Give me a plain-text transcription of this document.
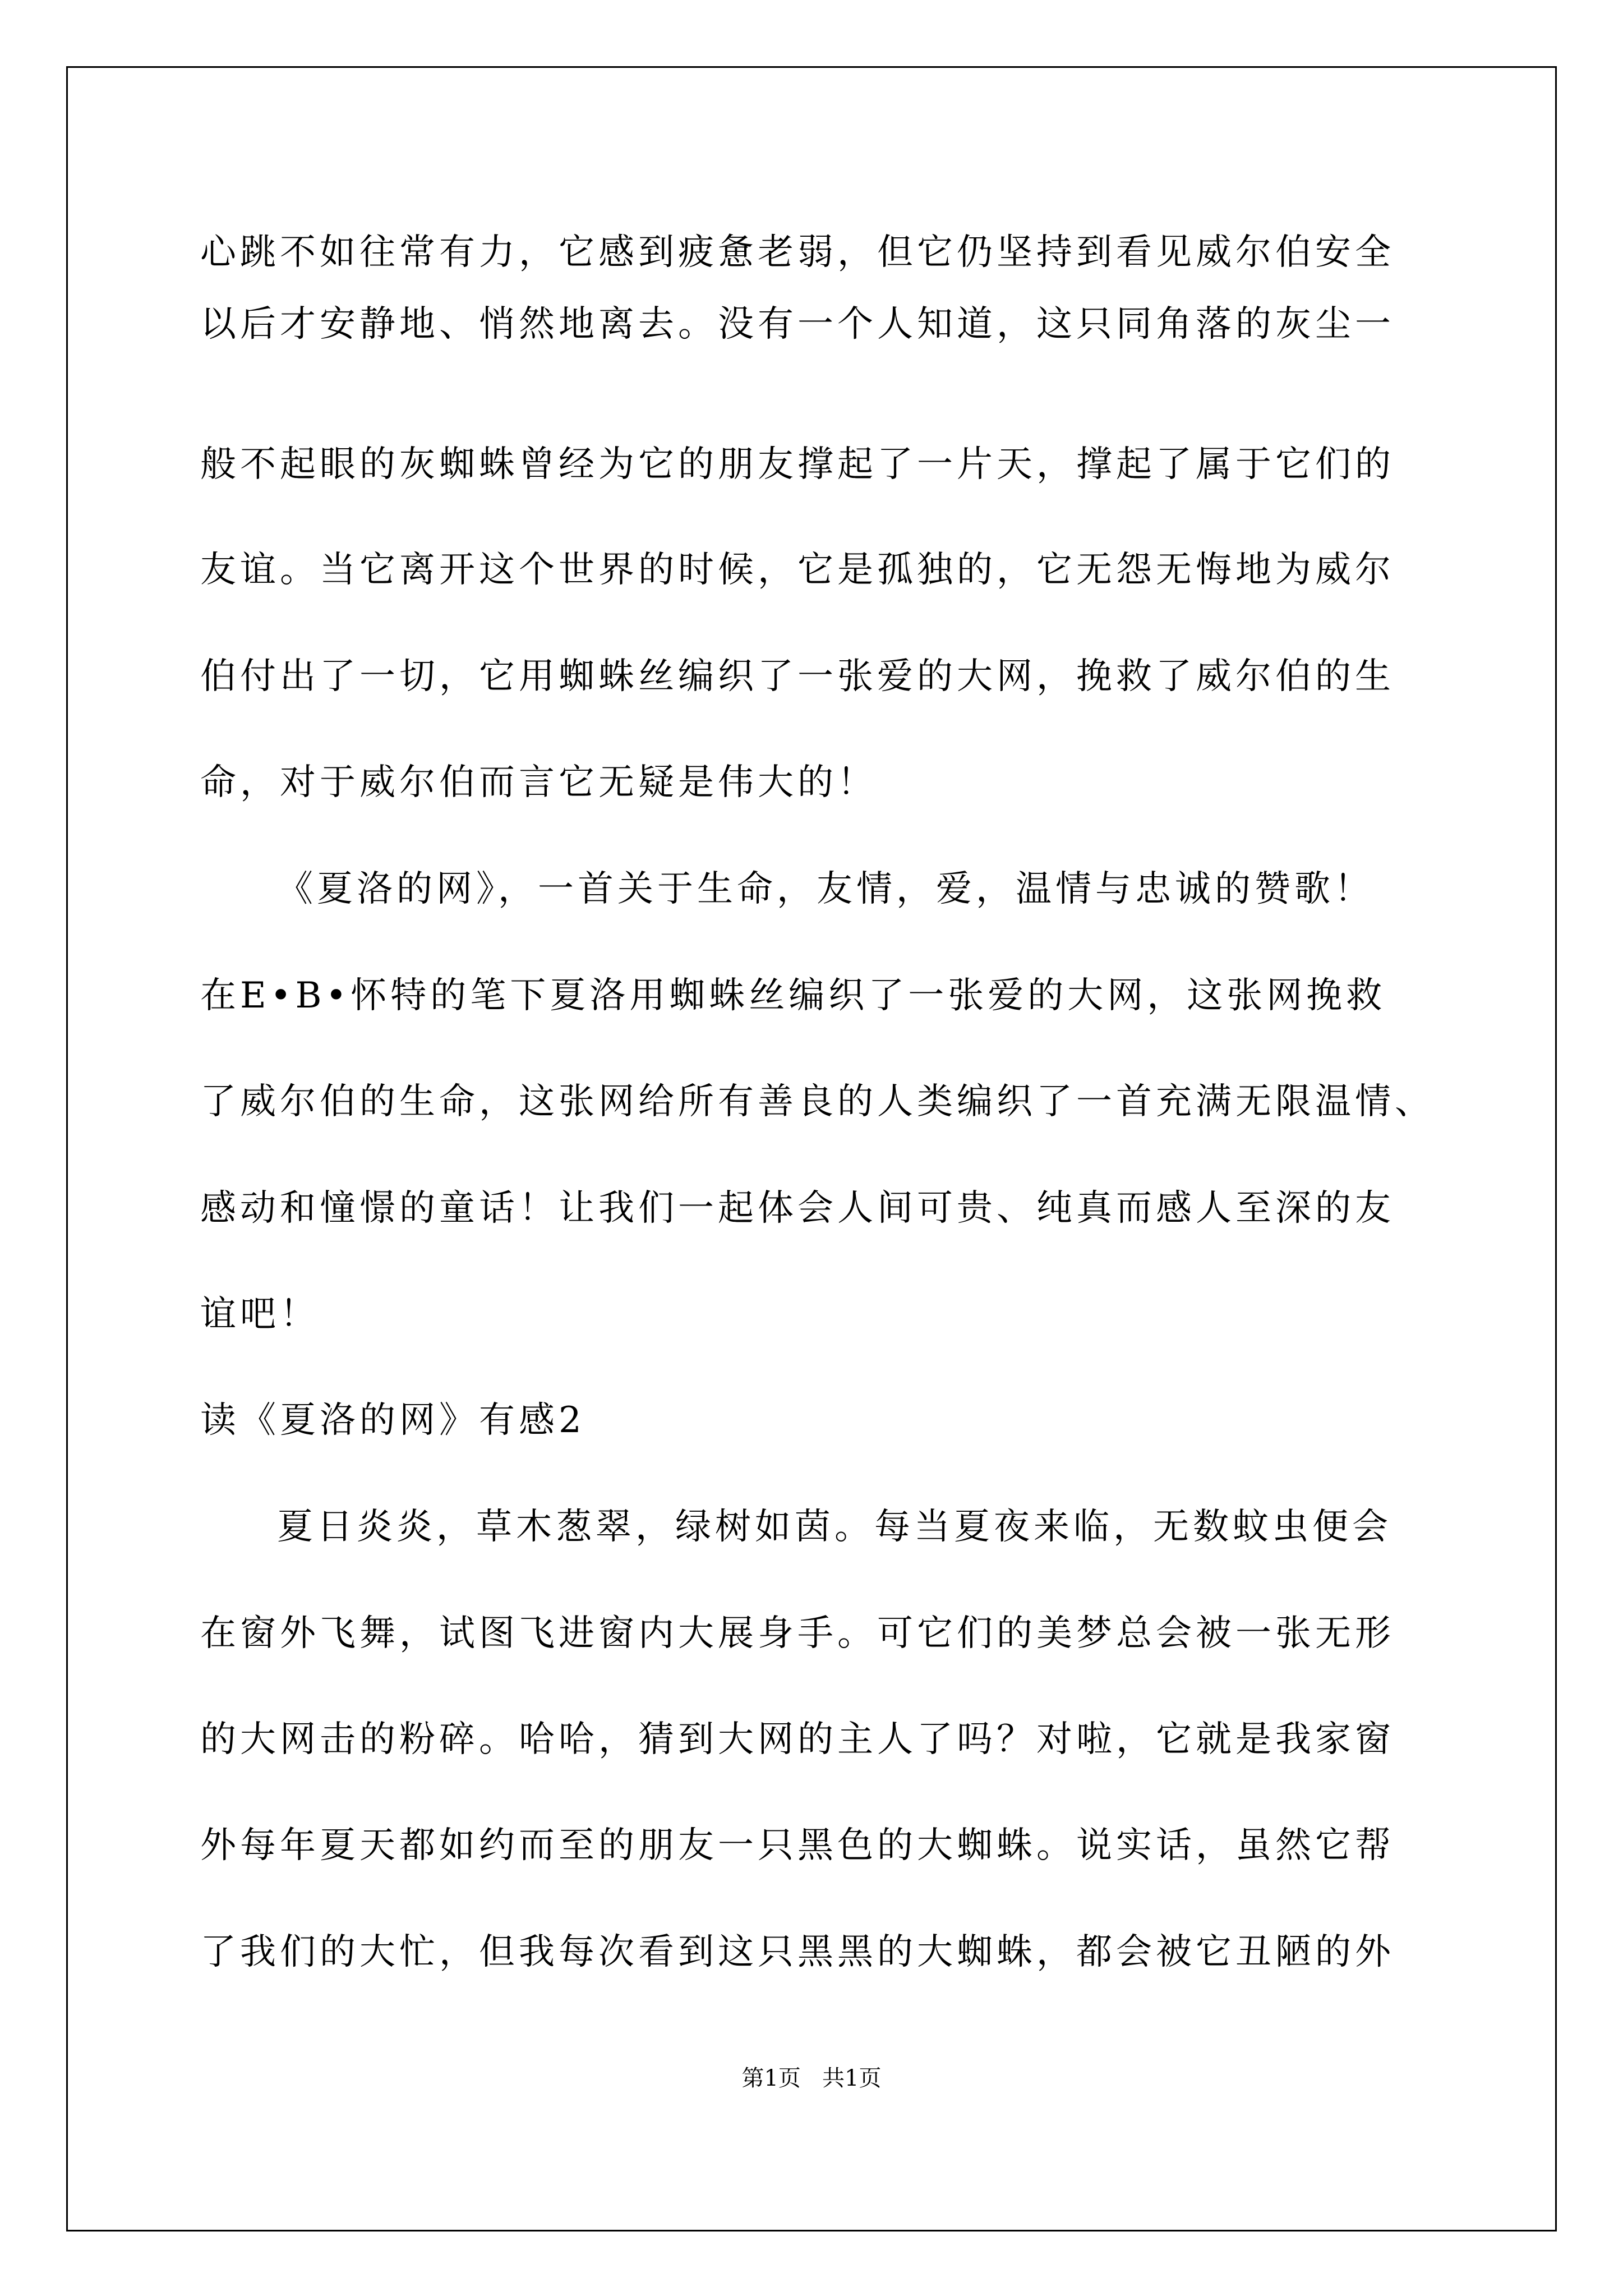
心跳不如往常有力，它感到疲惫老弱，但它仍坚持到看见威尔伯安全
以后才安静地、悄然地离去。没有一个人知道，这只同角落的灰尘一
般不起眼的灰蜘蛛曾经为它的朋友撑起了一片天，撑起了属于它们的
友谊。当它离开这个世界的时候，它是孤独的，它无怨无悔地为威尔
伯付出了一切，它用蜘蛛丝编织了一张爱的大网，挽救了威尔伯的生
命，对于威尔伯而言它无疑是伟大的！
《夏洛的网》，一首关于生命，友情，爱，温情与忠诚的赞歌！
在E•B•怀特的笔下夏洛用蜘蛛丝编织了一张爱的大网，这张网挽救
了威尔伯的生命，这张网给所有善良的人类编织了一首充满无限温情、
感动和憧憬的童话！让我们一起体会人间可贵、纯真而感人至深的友
谊吧！
读《夏洛的网》有感2
夏日炎炎，草木葱翠，绿树如茵。每当夏夜来临，无数蚊虫便会
在窗外飞舞，试图飞进窗内大展身手。可它们的美梦总会被一张无形
的大网击的粉碎。哈哈，猜到大网的主人了吗？对啦，它就是我家窗
外每年夏天都如约而至的朋友一只黑色的大蜘蛛。说实话，虽然它帮
了我们的大忙，但我每次看到这只黑黑的大蜘蛛，都会被它丑陋的外
第1页   共1页
